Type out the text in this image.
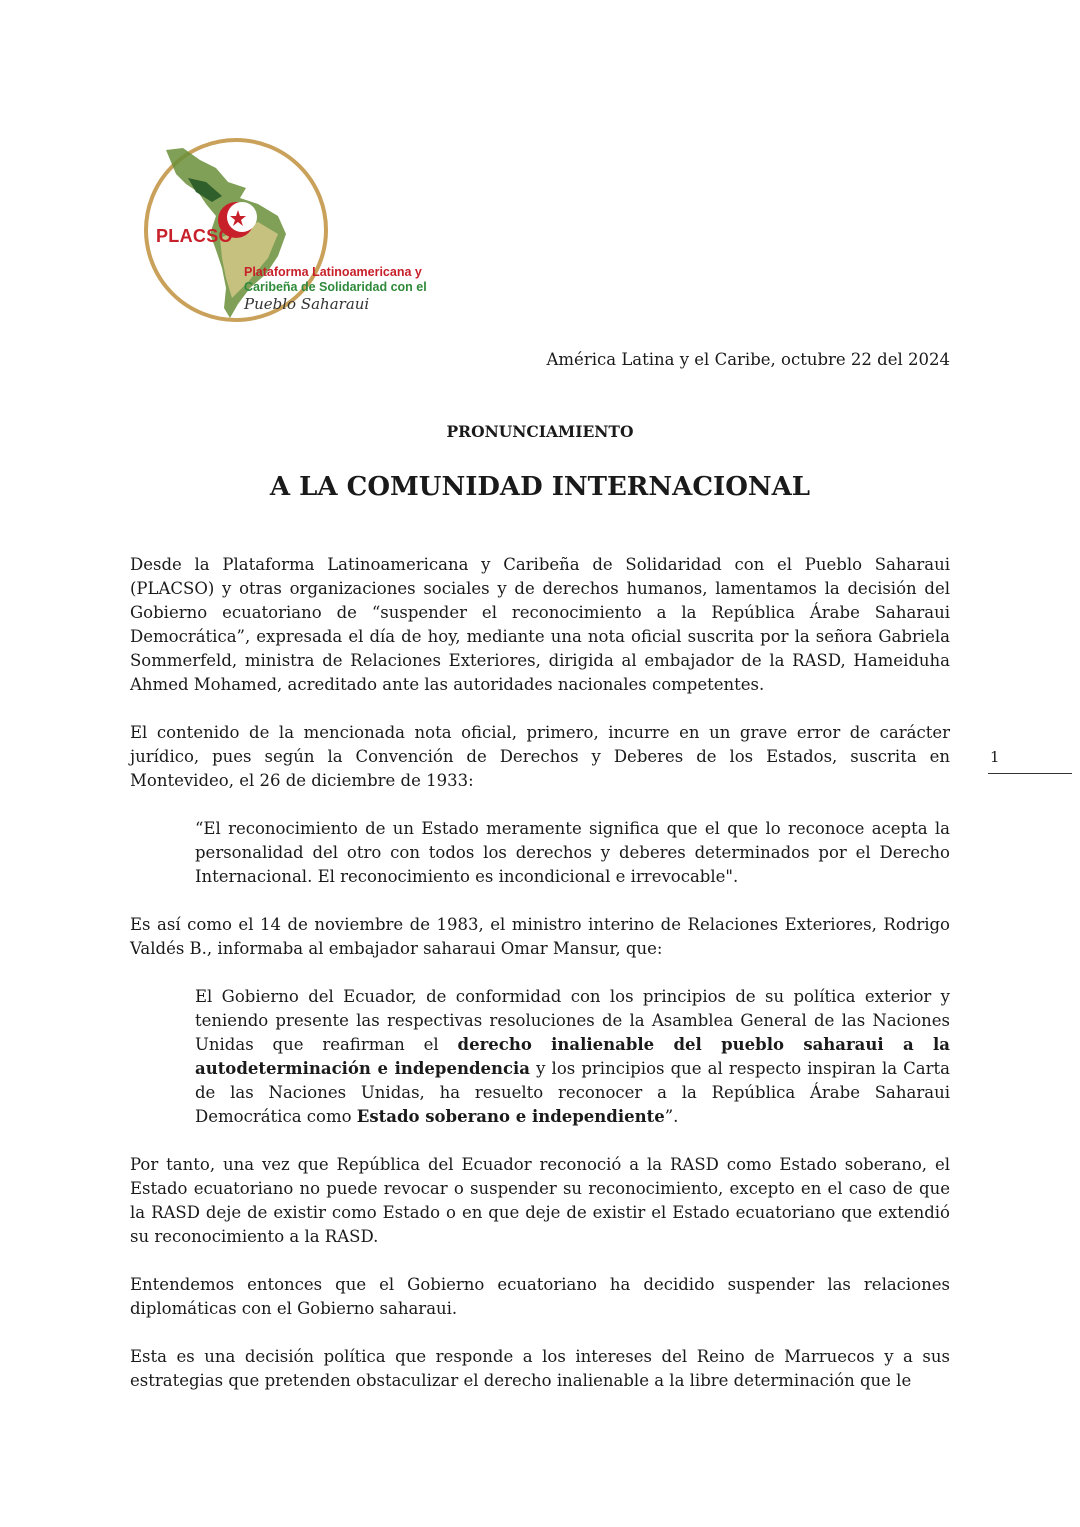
PLACSO
Plataforma Latinoamericana y
Caribeña de Solidaridad con el
Pueblo Saharaui
América Latina y el Caribe, octubre 22 del 2024
PRONUNCIAMIENTO
A LA COMUNIDAD INTERNACIONAL
1

Desde la Plataforma Latinoamericana y Caribeña de Solidaridad con el Pueblo Saharaui (PLACSO) y otras organizaciones sociales y de derechos humanos, lamentamos la decisión del Gobierno ecuatoriano de “suspender el reconocimiento a la República Árabe Saharaui Democrática”, expresada el día de hoy, mediante una nota oficial suscrita por la señora Gabriela Sommerfeld, ministra de Relaciones Exteriores, dirigida al embajador de la RASD, Hameiduha Ahmed Mohamed, acreditado ante las autoridades nacionales competentes.

El contenido de la mencionada nota oficial, primero, incurre en un grave error de carácter jurídico, pues según la Convención de Derechos y Deberes de los Estados, suscrita en Montevideo, el 26 de diciembre de 1933:

“El reconocimiento de un Estado meramente significa que el que lo reconoce acepta la personalidad del otro con todos los derechos y deberes determinados por el Derecho Internacional. El reconocimiento es incondicional e irrevocable".

Es así como el 14 de noviembre de 1983, el ministro interino de Relaciones Exteriores, Rodrigo Valdés B., informaba al embajador saharaui Omar Mansur, que:

El Gobierno del Ecuador, de conformidad con los principios de su política exterior y teniendo presente las respectivas resoluciones de la Asamblea General de las Naciones Unidas que reafirman el derecho inalienable del pueblo saharaui a la autodeterminación e independencia y los principios que al respecto inspiran la Carta de las Naciones Unidas, ha resuelto reconocer a la República Árabe Saharaui Democrática como Estado soberano e independiente”.

Por tanto, una vez que República del Ecuador reconoció a la RASD como Estado soberano, el Estado ecuatoriano no puede revocar o suspender su reconocimiento, excepto en el caso de que la RASD deje de existir como Estado o en que deje de existir el Estado ecuatoriano que extendió su reconocimiento a la RASD.

Entendemos entonces que el Gobierno ecuatoriano ha decidido suspender las relaciones diplomáticas con el Gobierno saharaui.

Esta es una decisión política que responde a los intereses del Reino de Marruecos y a sus estrategias que pretenden obstaculizar el derecho inalienable a la libre determinación que le
